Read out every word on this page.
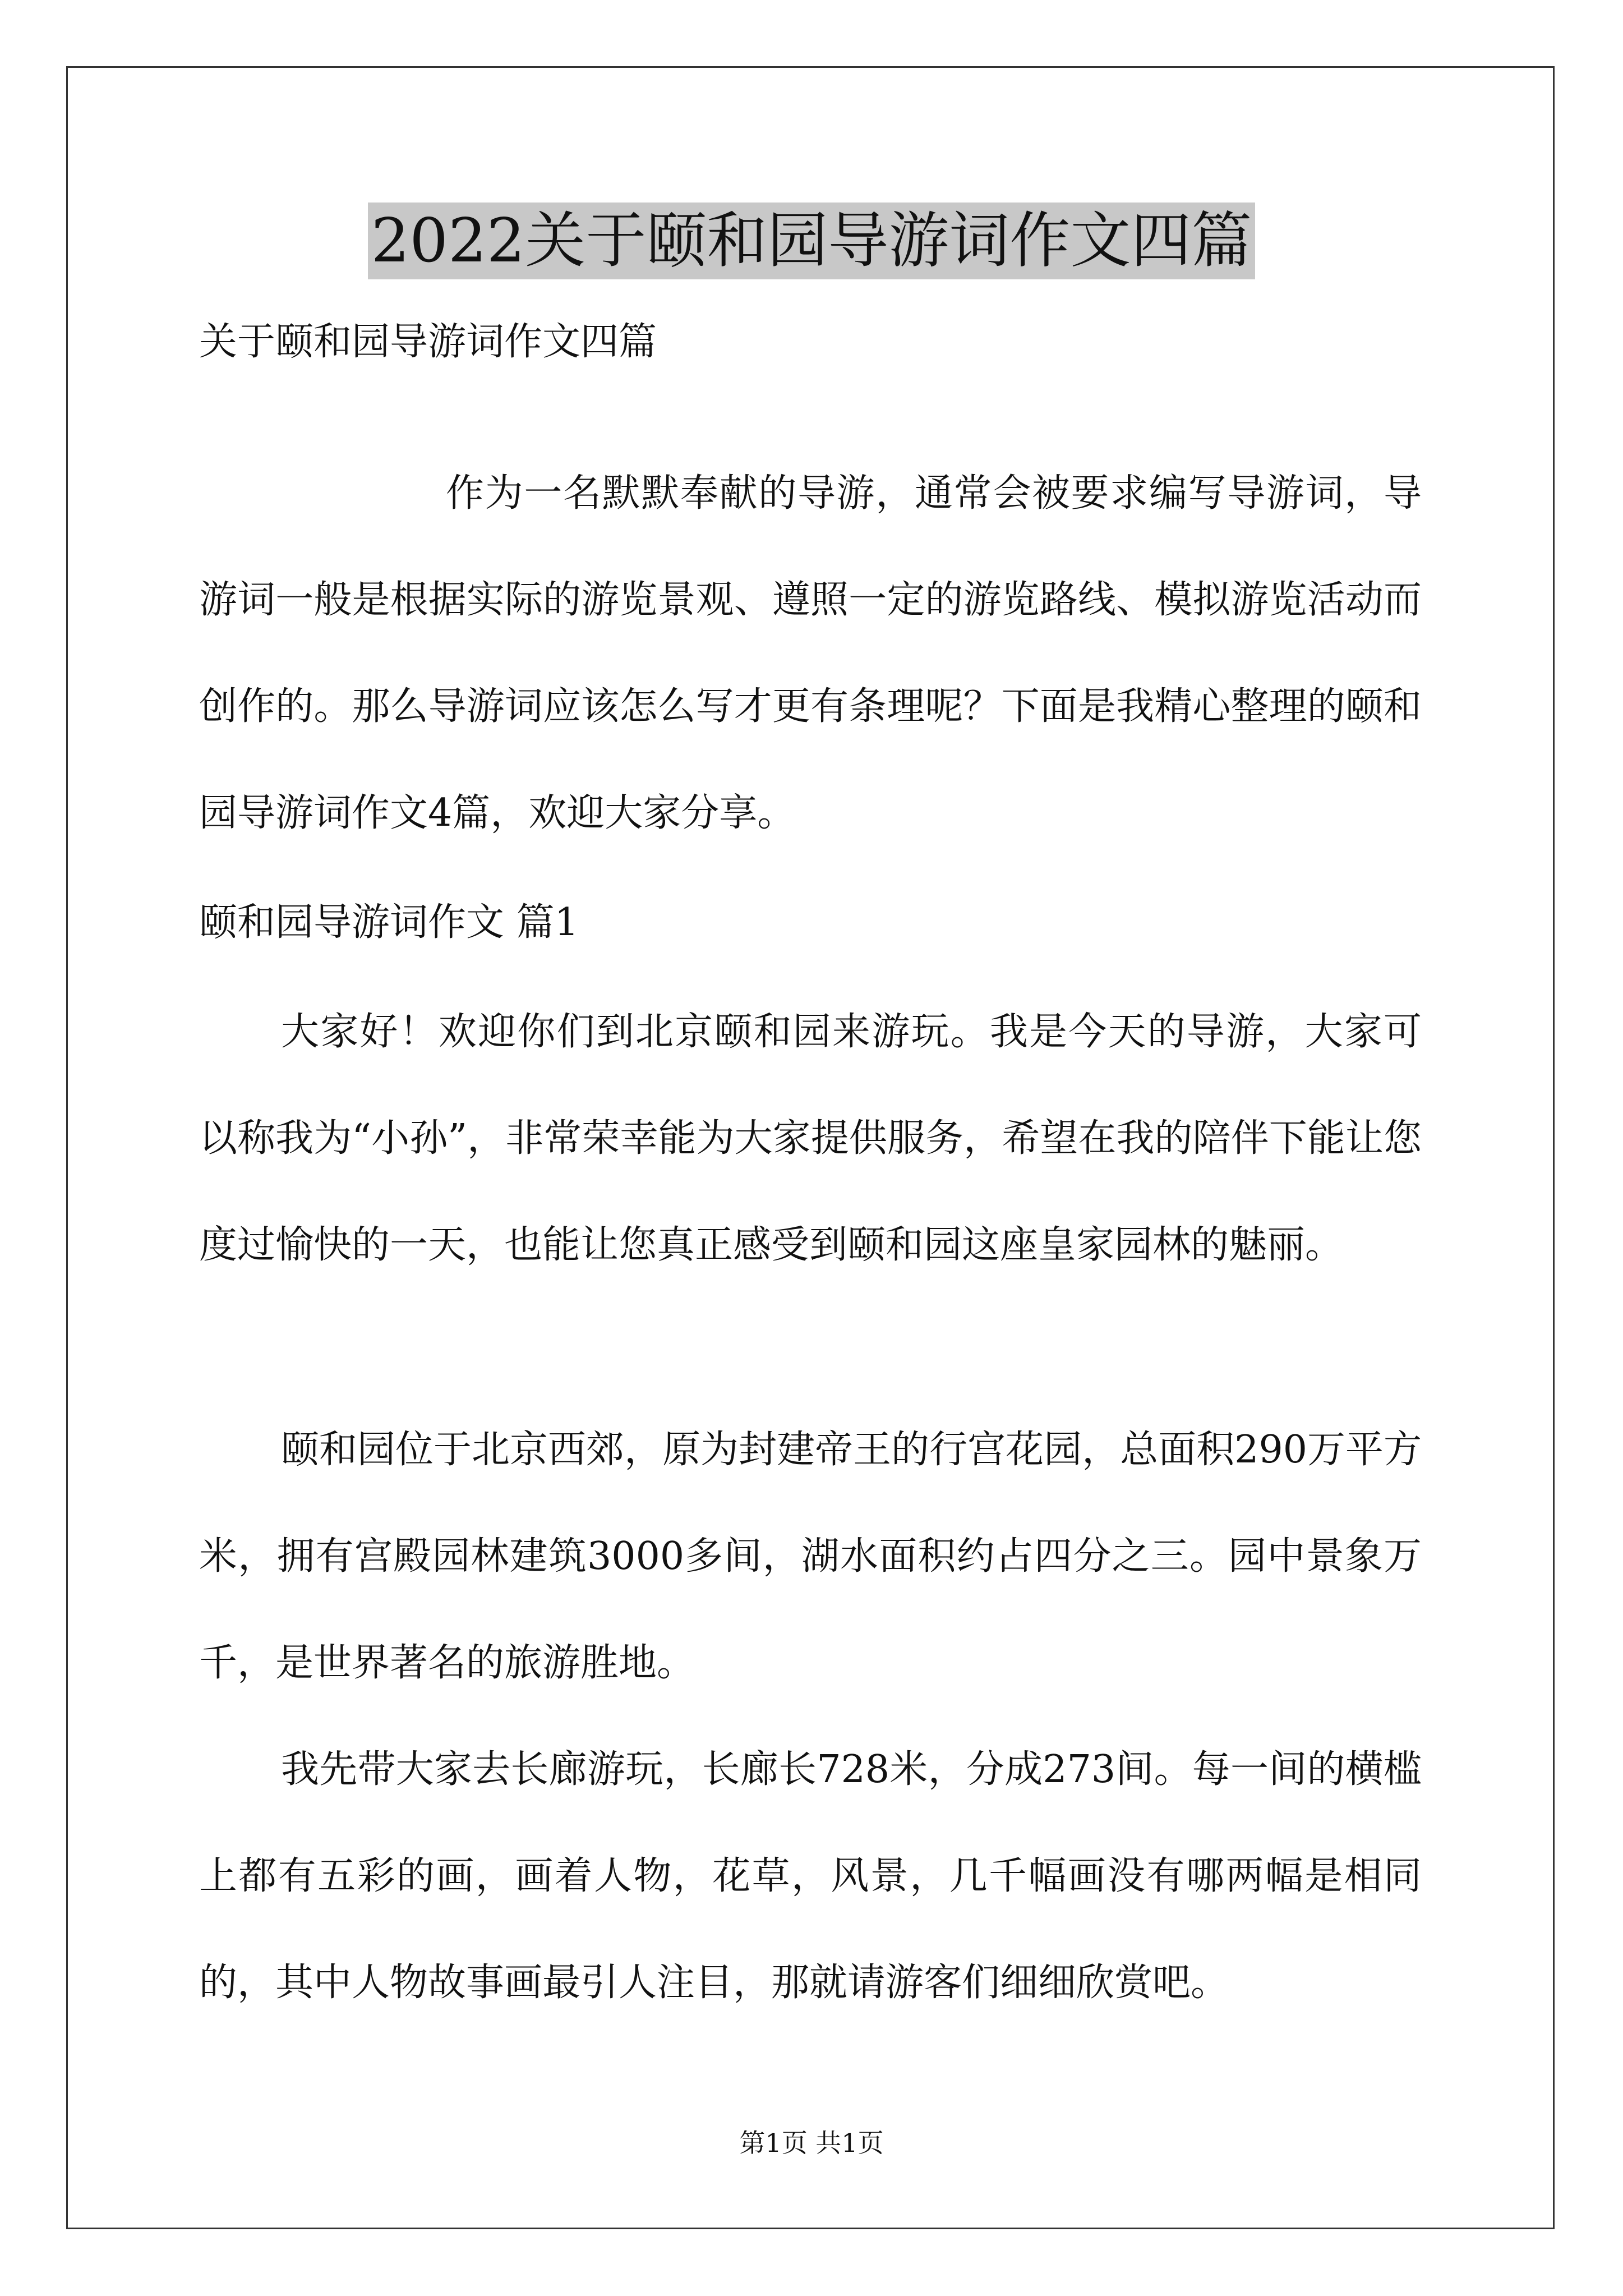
2022关于颐和园导游词作文四篇
关于颐和园导游词作文四篇
作为一名默默奉献的导游，通常会被要求编写导游词，导游词一般是根据实际的游览景观、遵照一定的游览路线、模拟游览活动而创作的。那么导游词应该怎么写才更有条理呢？下面是我精心整理的颐和园导游词作文4篇，欢迎大家分享。
颐和园导游词作文 篇1
大家好！欢迎你们到北京颐和园来游玩。我是今天的导游，大家可以称我为“小孙”，非常荣幸能为大家提供服务，希望在我的陪伴下能让您度过愉快的一天，也能让您真正感受到颐和园这座皇家园林的魅丽。
颐和园位于北京西郊，原为封建帝王的行宫花园，总面积290万平方米，拥有宫殿园林建筑3000多间，湖水面积约占四分之三。园中景象万千，是世界著名的旅游胜地。
我先带大家去长廊游玩，长廊长728米，分成273间。每一间的横槛上都有五彩的画，画着人物，花草，风景，几千幅画没有哪两幅是相同的，其中人物故事画最引人注目，那就请游客们细细欣赏吧。
第1页 共1页
